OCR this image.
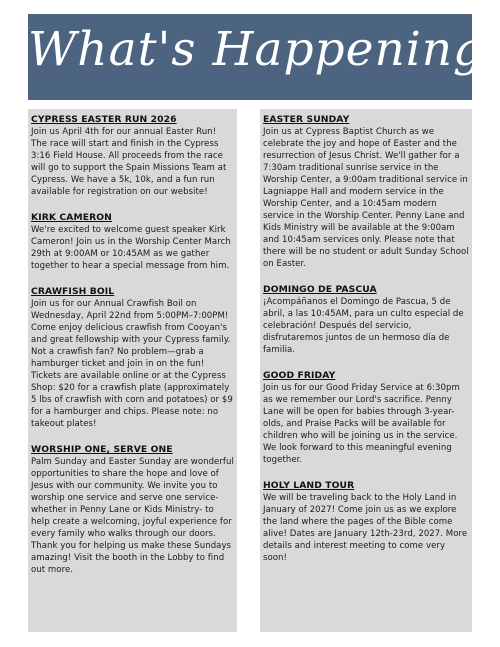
What's Happening
CYPRESS EASTER RUN 2026

Join us April 4th for our annual Easter Run! The race will start and finish in the Cypress 3:16 Field House. All proceeds from the race will go to support the Spain Missions Team at Cypress. We have a 5k, 10k, and a fun run available for registration on our website!

KIRK CAMERON

We're excited to welcome guest speaker Kirk Cameron! Join us in the Worship Center March 29th at 9:00AM or 10:45AM as we gather together to hear a special message from him.

CRAWFISH BOIL

Join us for our Annual Crawfish Boil on Wednesday, April 22nd from 5:00PM–7:00PM! Come enjoy delicious crawfish from Cooyan's and great fellowship with your Cypress family. Not a crawfish fan? No problem—grab a hamburger ticket and join in on the fun! Tickets are available online or at the Cypress Shop: $20 for a crawfish plate (approximately 5 lbs of crawfish with corn and potatoes) or $9 for a hamburger and chips. Please note: no takeout plates!

WORSHIP ONE, SERVE ONE

Palm Sunday and Easter Sunday are wonderful opportunities to share the hope and love of Jesus with our community. We invite you to worship one service and serve one service- whether in Penny Lane or Kids Ministry- to help create a welcoming, joyful experience for every family who walks through our doors. Thank you for helping us make these Sundays amazing! Visit the booth in the Lobby to find out more.

EASTER SUNDAY

Join us at Cypress Baptist Church as we celebrate the joy and hope of Easter and the resurrection of Jesus Christ. We'll gather for a 7:30am traditional sunrise service in the Worship Center, a 9:00am traditional service in Lagniappe Hall and modern service in the Worship Center, and a 10:45am modern service in the Worship Center. Penny Lane and Kids Ministry will be available at the 9:00am and 10:45am services only. Please note that there will be no student or adult Sunday School on Easter.

DOMINGO DE PASCUA

¡Acompáñanos el Domingo de Pascua, 5 de abril, a las 10:45AM, para un culto especial de celebración! Después del servicio, disfrutaremos juntos de un hermoso día de familia.

GOOD FRIDAY

Join us for our Good Friday Service at 6:30pm as we remember our Lord's sacrifice. Penny Lane will be open for babies through 3-year-olds, and Praise Packs will be available for children who will be joining us in the service. We look forward to this meaningful evening together.

HOLY LAND TOUR

We will be traveling back to the Holy Land in January of 2027! Come join us as we explore the land where the pages of the Bible come alive! Dates are January 12th-23rd, 2027. More details and interest meeting to come very soon!
